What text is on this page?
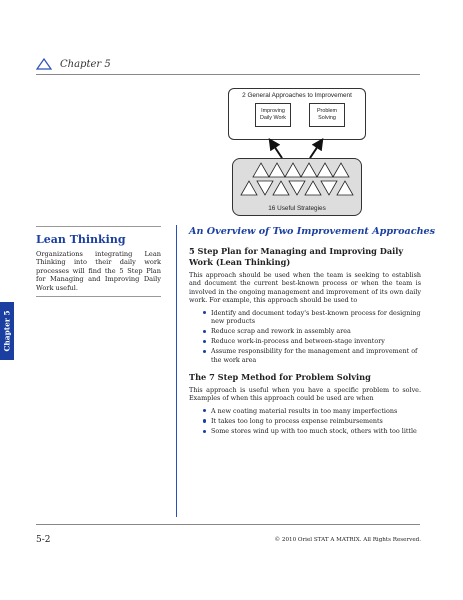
Chapter 5
2 General Approaches to Improvement
Improving Daily Work
Problem Solving
16 Useful Strategies
Lean Thinking
Organizations integrating Lean Thinking into their daily work processes will find the 5 Step Plan for Managing and Improving Daily Work useful.
Chapter 5
An Overview of Two Improvement Approaches
5 Step Plan for Managing and Improving Daily Work (Lean Thinking)
This approach should be used when the team is seeking to establish and document the current best-known process or when the team is involved in the ongoing management and improvement of its own daily work. For example, this approach should be used to
Identify and document today's best-known process for designing new products
Reduce scrap and rework in assembly area
Reduce work-in-process and between-stage inventory
Assume responsibility for the management and improvement of the work area
The 7 Step Method for Problem Solving
This approach is useful when you have a specific problem to solve. Examples of when this approach could be used are when
A new coating material results in too many imperfections
It takes too long to process expense reimbursements
Some stores wind up with too much stock, others with too little
5-2	© 2010 Oriel STAT A MATRIX. All Rights Reserved.
